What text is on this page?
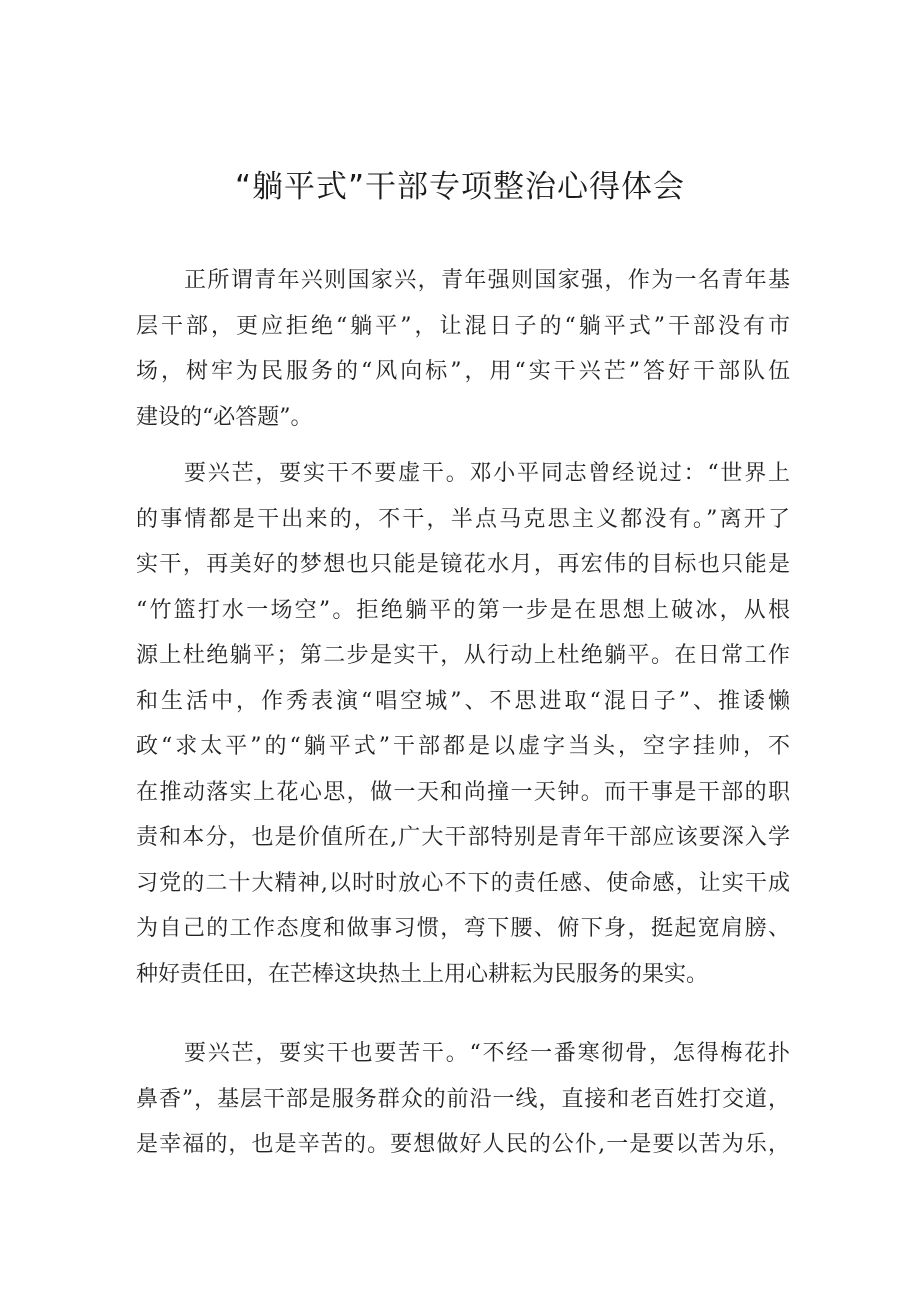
“躺平式”干部专项整治心得体会
正所谓青年兴则国家兴，青年强则国家强，作为一名青年基
层干部，更应拒绝“躺平”，让混日子的“躺平式”干部没有市
场，树牢为民服务的“风向标”，用“实干兴芒”答好干部队伍
建设的“必答题”。
要兴芒，要实干不要虚干。邓小平同志曾经说过：“世界上
的事情都是干出来的，不干，半点马克思主义都没有。”离开了
实干，再美好的梦想也只能是镜花水月，再宏伟的目标也只能是
“竹篮打水一场空”。拒绝躺平的第一步是在思想上破冰，从根
源上杜绝躺平；第二步是实干，从行动上杜绝躺平。在日常工作
和生活中，作秀表演“唱空城”、不思进取“混日子”、推诿懒
政“求太平”的“躺平式”干部都是以虚字当头，空字挂帅，不
在推动落实上花心思，做一天和尚撞一天钟。而干事是干部的职
责和本分，也是价值所在,广大干部特别是青年干部应该要深入学
习党的二十大精神,以时时放心不下的责任感、使命感，让实干成
为自己的工作态度和做事习惯，弯下腰、俯下身，挺起宽肩膀、
种好责任田，在芒棒这块热土上用心耕耘为民服务的果实。
要兴芒，要实干也要苦干。“不经一番寒彻骨，怎得梅花扑
鼻香”，基层干部是服务群众的前沿一线，直接和老百姓打交道，
是幸福的，也是辛苦的。要想做好人民的公仆,一是要以苦为乐，
